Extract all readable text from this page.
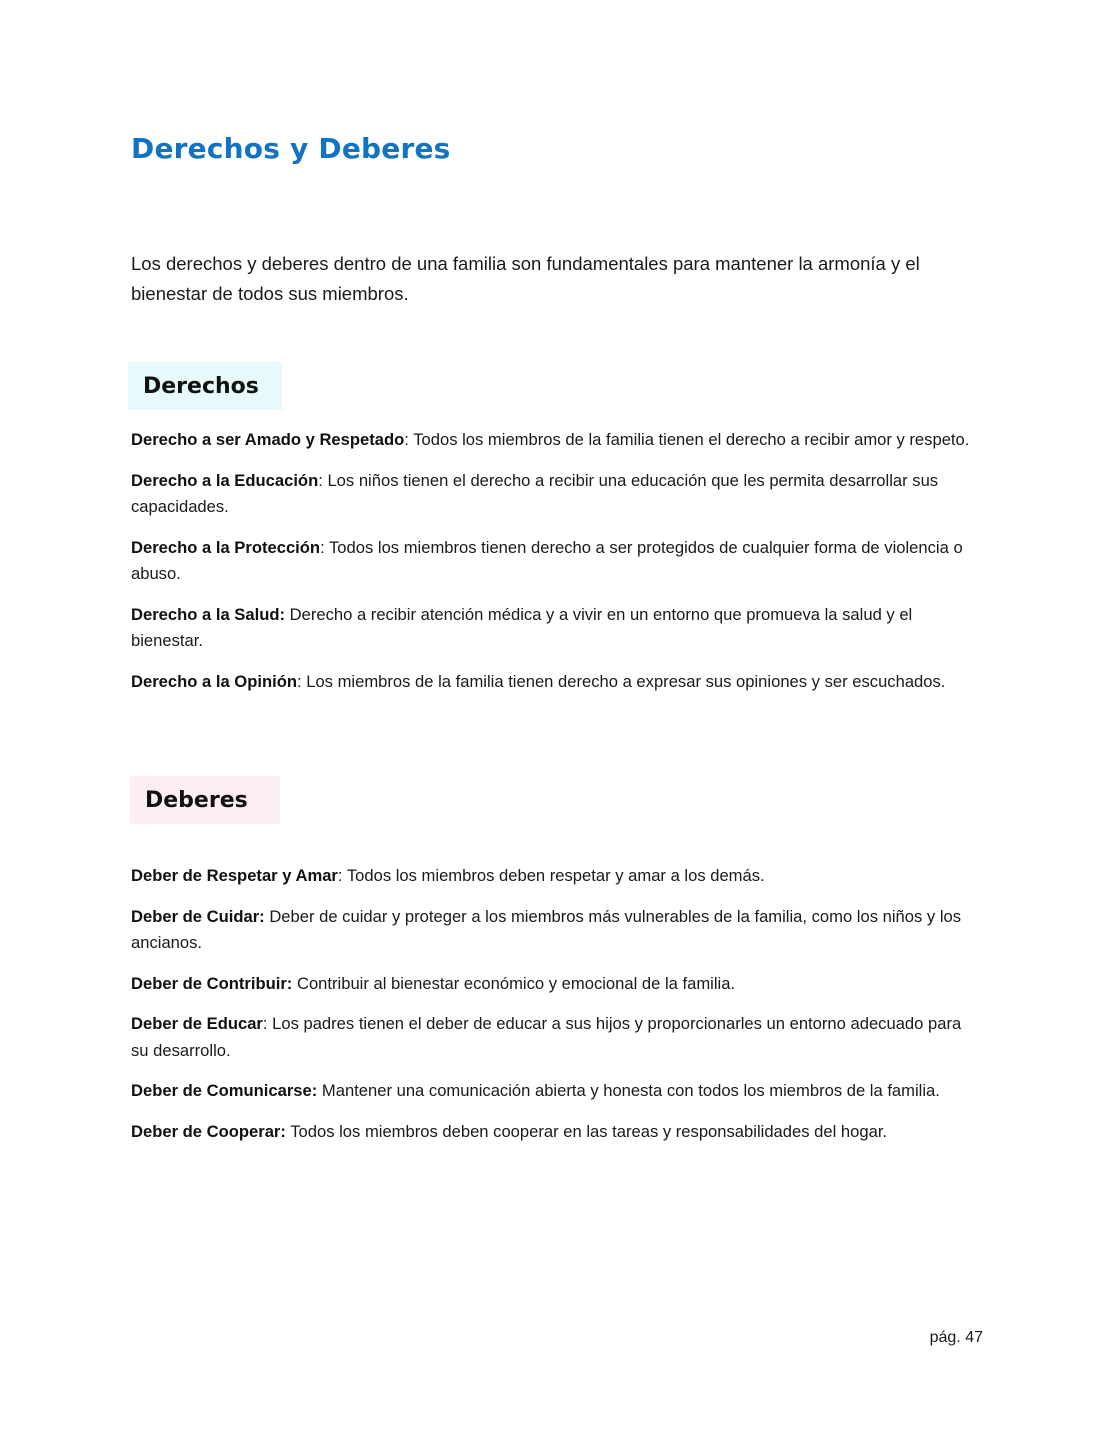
Derechos y Deberes

Los derechos y deberes dentro de una familia son fundamentales para mantener la armonía y el bienestar de todos sus miembros.

Derechos
Derecho a ser Amado y Respetado: Todos los miembros de la familia tienen el derecho a recibir amor y respeto.
Derecho a la Educación: Los niños tienen el derecho a recibir una educación que les permita desarrollar sus capacidades.
Derecho a la Protección: Todos los miembros tienen derecho a ser protegidos de cualquier forma de violencia o abuso.
Derecho a la Salud: Derecho a recibir atención médica y a vivir en un entorno que promueva la salud y el bienestar.
Derecho a la Opinión: Los miembros de la familia tienen derecho a expresar sus opiniones y ser escuchados.
Deberes
Deber de Respetar y Amar: Todos los miembros deben respetar y amar a los demás.
Deber de Cuidar: Deber de cuidar y proteger a los miembros más vulnerables de la familia, como los niños y los ancianos.
Deber de Contribuir: Contribuir al bienestar económico y emocional de la familia.
Deber de Educar: Los padres tienen el deber de educar a sus hijos y proporcionarles un entorno adecuado para su desarrollo.
Deber de Comunicarse: Mantener una comunicación abierta y honesta con todos los miembros de la familia.
Deber de Cooperar: Todos los miembros deben cooperar en las tareas y responsabilidades del hogar.
pág. 47
